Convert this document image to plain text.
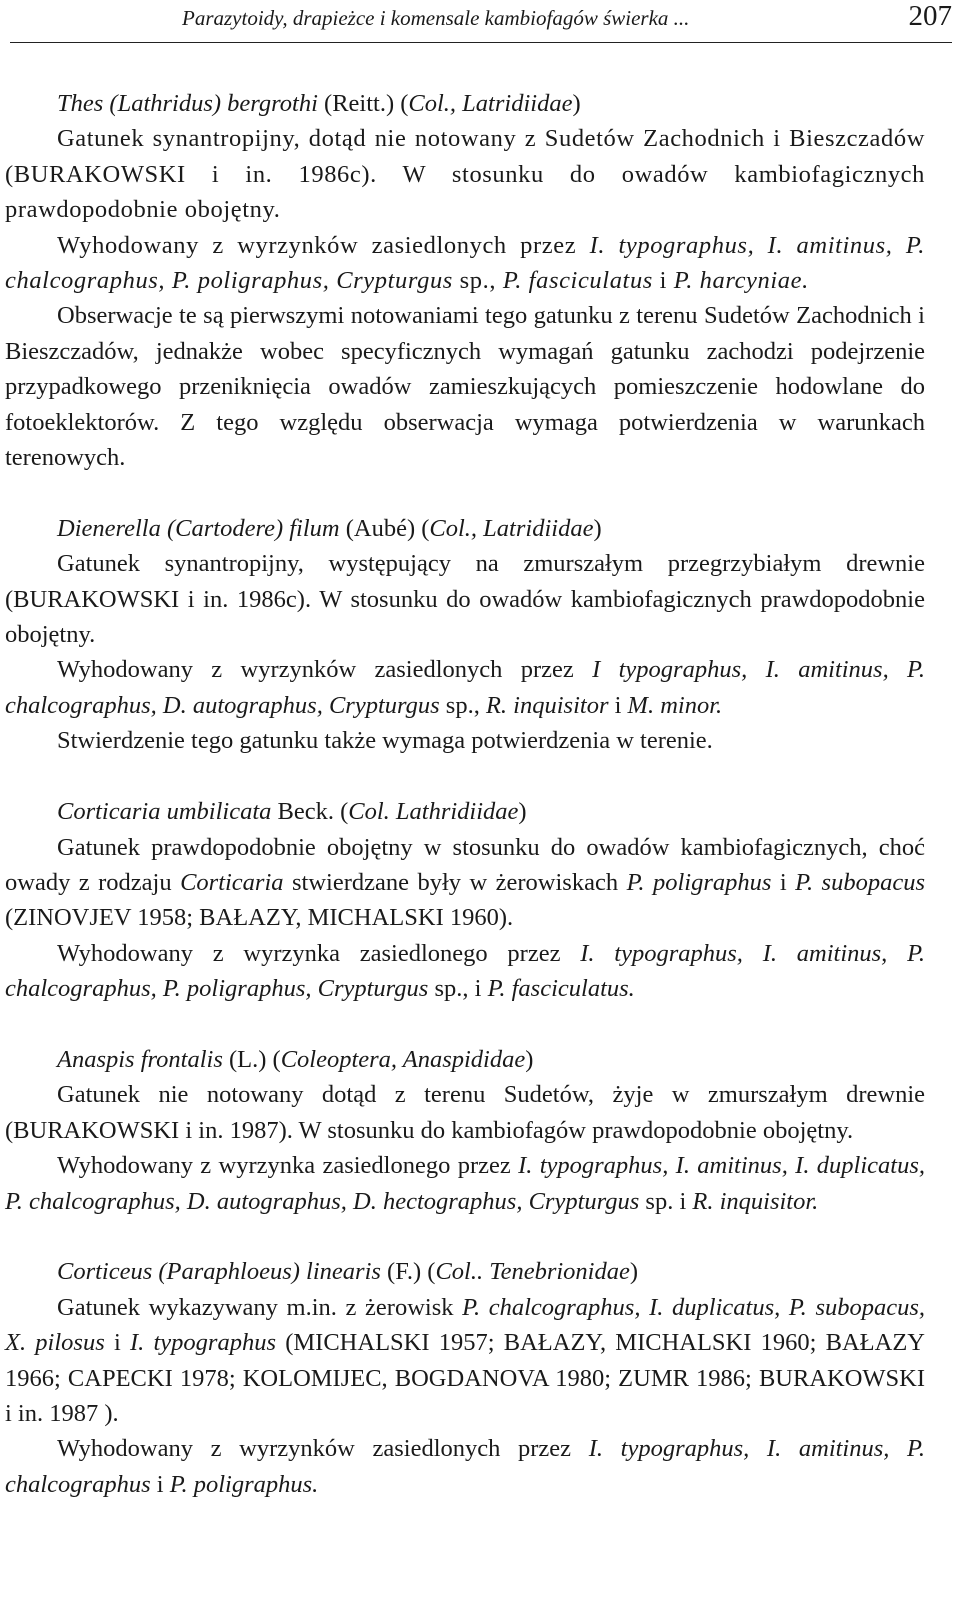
Parazytoidy, drapieżce i komensale kambiofagów świerka ...	207

Thes (Lathridus) bergrothi (Reitt.) (Col., Latridiidae)

Gatunek synantropijny, dotąd nie notowany z Sudetów Zachodnich i Bieszczadów (BURAKOWSKI i in. 1986c). W stosunku do owadów kambiofagicznych prawdopodobnie obojętny.

Wyhodowany z wyrzynków zasiedlonych przez I. typographus, I. amitinus, P. chalcographus, P. poligraphus, Crypturgus sp., P. fasciculatus i P. harcyniae.

Obserwacje te są pierwszymi notowaniami tego gatunku z terenu Sudetów Zachodnich i Bieszczadów, jednakże wobec specyficznych wymagań gatunku zachodzi podejrzenie przypadkowego przeniknięcia owadów zamieszkujących pomieszczenie hodowlane do fotoeklektorów. Z tego względu obserwacja wymaga potwierdzenia w warunkach terenowych.

Dienerella (Cartodere) filum (Aubé) (Col., Latridiidae)

Gatunek synantropijny, występujący na zmurszałym przegrzybiałym drewnie (BURAKOWSKI i in. 1986c). W stosunku do owadów kambiofagicznych prawdopodobnie obojętny.

Wyhodowany z wyrzynków zasiedlonych przez I typographus, I. amitinus, P. chalcographus, D. autographus, Crypturgus sp., R. inquisitor i M. minor.

Stwierdzenie tego gatunku także wymaga potwierdzenia w terenie.

Corticaria umbilicata Beck. (Col. Lathridiidae)

Gatunek prawdopodobnie obojętny w stosunku do owadów kambiofagicznych, choć owady z rodzaju Corticaria stwierdzane były w żerowiskach P. poligraphus i P. subopacus (ZINOVJEV 1958; BAŁAZY, MICHALSKI 1960).

Wyhodowany z wyrzynka zasiedlonego przez I. typographus, I. amitinus, P. chalcographus, P. poligraphus, Crypturgus sp., i P. fasciculatus.

Anaspis frontalis (L.) (Coleoptera, Anaspididae)

Gatunek nie notowany dotąd z terenu Sudetów, żyje w zmurszałym drewnie (BURAKOWSKI i in. 1987). W stosunku do kambiofagów prawdopodobnie obojętny.

Wyhodowany z wyrzynka zasiedlonego przez I. typographus, I. amitinus, I. duplicatus, P. chalcographus, D. autographus, D. hectographus, Crypturgus sp. i R. inquisitor.

Corticeus (Paraphloeus) linearis (F.) (Col.. Tenebrionidae)

Gatunek wykazywany m.in. z żerowisk P. chalcographus, I. duplicatus, P. subopacus, X. pilosus i I. typographus (MICHALSKI 1957; BAŁAZY, MICHALSKI 1960; BAŁAZY 1966; CAPECKI 1978; KOLOMIJEC, BOGDANOVA 1980; ZUMR 1986; BURAKOWSKI i in. 1987 ).

Wyhodowany z wyrzynków zasiedlonych przez I. typographus, I. amitinus, P. chalcographus i P. poligraphus.
